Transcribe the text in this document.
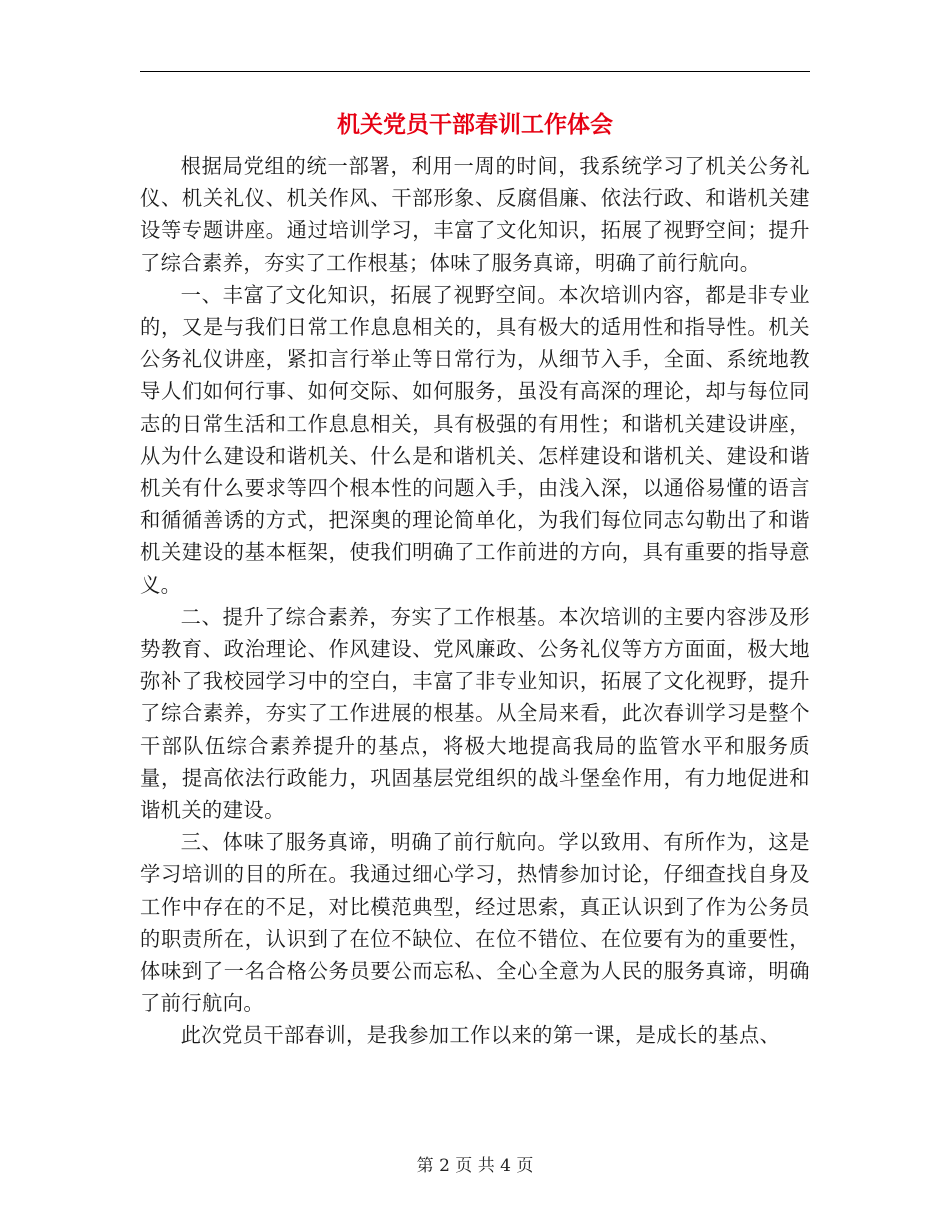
机关党员干部春训工作体会

根据局党组的统一部署，利用一周的时间，我系统学习了机关公务礼仪、机关礼仪、机关作风、干部形象、反腐倡廉、依法行政、和谐机关建设等专题讲座。通过培训学习，丰富了文化知识，拓展了视野空间；提升了综合素养，夯实了工作根基；体味了服务真谛，明确了前行航向。

一、丰富了文化知识，拓展了视野空间。本次培训内容，都是非专业的，又是与我们日常工作息息相关的，具有极大的适用性和指导性。机关公务礼仪讲座，紧扣言行举止等日常行为，从细节入手，全面、系统地教导人们如何行事、如何交际、如何服务，虽没有高深的理论，却与每位同志的日常生活和工作息息相关，具有极强的有用性；和谐机关建设讲座，从为什么建设和谐机关、什么是和谐机关、怎样建设和谐机关、建设和谐机关有什么要求等四个根本性的问题入手，由浅入深，以通俗易懂的语言和循循善诱的方式，把深奥的理论简单化，为我们每位同志勾勒出了和谐机关建设的基本框架，使我们明确了工作前进的方向，具有重要的指导意义。

二、提升了综合素养，夯实了工作根基。本次培训的主要内容涉及形势教育、政治理论、作风建设、党风廉政、公务礼仪等方方面面，极大地弥补了我校园学习中的空白，丰富了非专业知识，拓展了文化视野，提升了综合素养，夯实了工作进展的根基。从全局来看，此次春训学习是整个干部队伍综合素养提升的基点，将极大地提高我局的监管水平和服务质量，提高依法行政能力，巩固基层党组织的战斗堡垒作用，有力地促进和谐机关的建设。

三、体味了服务真谛，明确了前行航向。学以致用、有所作为，这是学习培训的目的所在。我通过细心学习，热情参加讨论，仔细查找自身及工作中存在的不足，对比模范典型，经过思索，真正认识到了作为公务员的职责所在，认识到了在位不缺位、在位不错位、在位要有为的重要性，体味到了一名合格公务员要公而忘私、全心全意为人民的服务真谛，明确了前行航向。

此次党员干部春训，是我参加工作以来的第一课，是成长的基点、

第 2 页 共 4 页
